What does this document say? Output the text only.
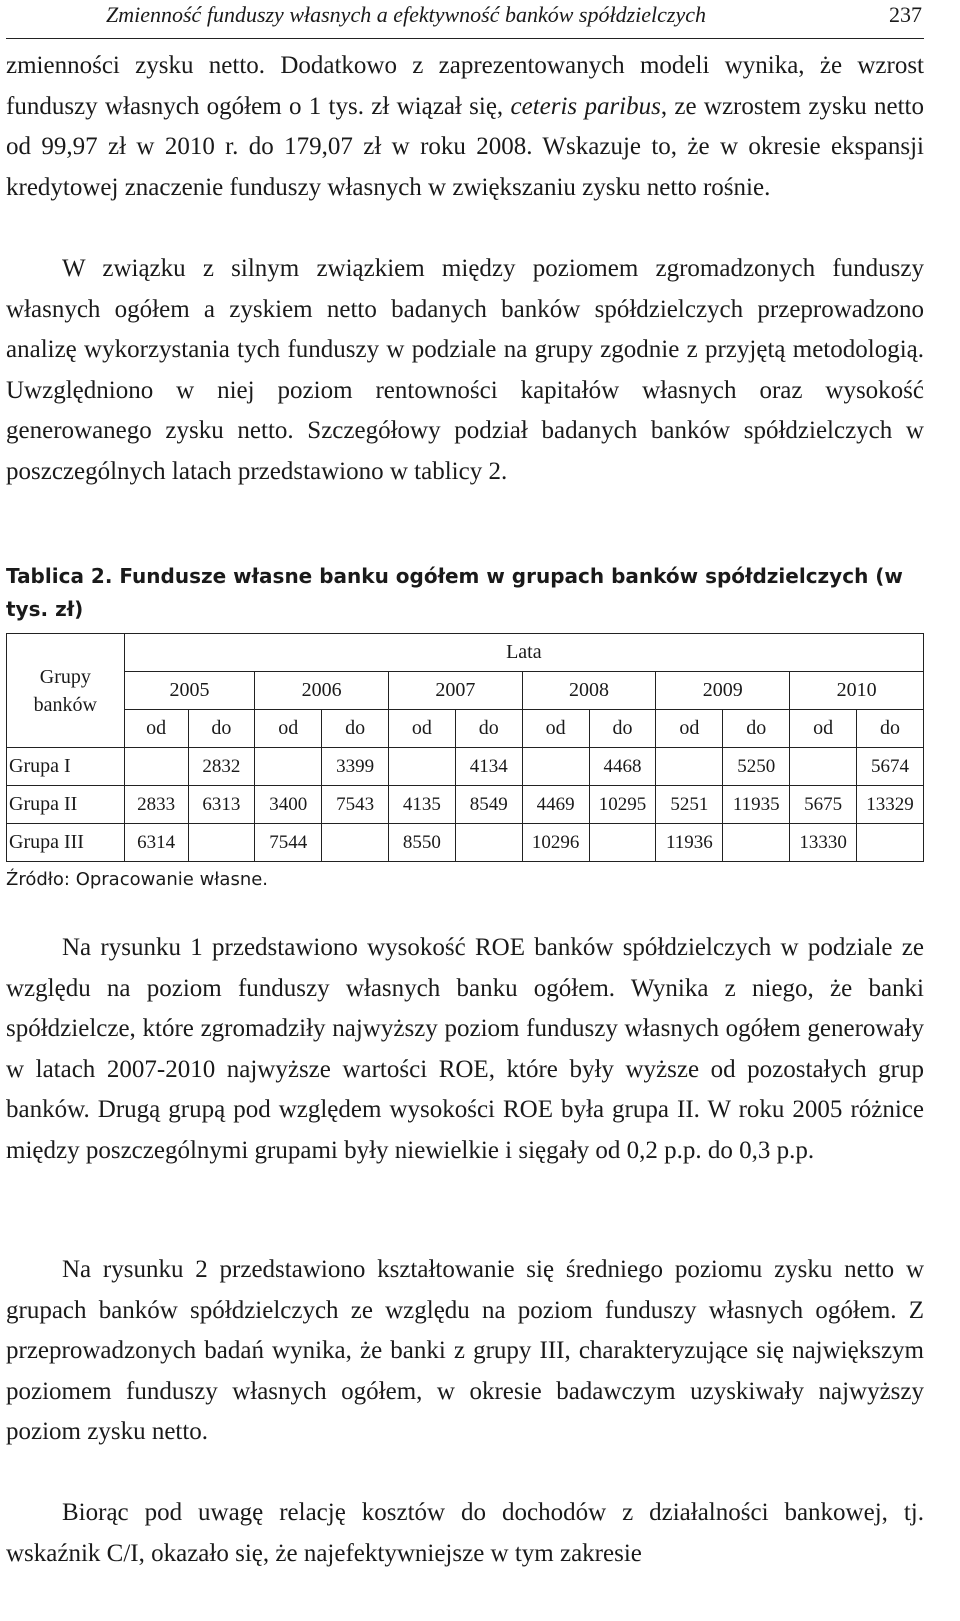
Zmienność funduszy własnych a efektywność banków spółdzielczych	237

zmienności zysku netto. Dodatkowo z zaprezentowanych modeli wynika, że wzrost funduszy własnych ogółem o 1 tys. zł wiązał się, ceteris paribus, ze wzrostem zysku netto od 99,97 zł w 2010 r. do 179,07 zł w roku 2008. Wskazuje to, że w okresie ekspansji kredytowej znaczenie funduszy własnych w zwiększaniu zysku netto rośnie.

W związku z silnym związkiem między poziomem zgromadzonych funduszy własnych ogółem a zyskiem netto badanych banków spółdzielczych przeprowadzono analizę wykorzystania tych funduszy w podziale na grupy zgodnie z przyjętą metodologią. Uwzględniono w niej poziom rentowności kapitałów własnych oraz wysokość generowanego zysku netto. Szczegółowy podział badanych banków spółdzielczych w poszczególnych latach przedstawiono w tablicy 2.

Tablica 2. Fundusze własne banku ogółem w grupach banków spółdzielczych (w tys. zł)

Grupy banków	Lata											
	2005		2006		2007		2008		2009		2010	
	od	do	od	do	od	do	od	do	od	do	od	do
Grupa I		2832		3399		4134		4468		5250		5674
Grupa II	2833	6313	3400	7543	4135	8549	4469	10295	5251	11935	5675	13329
Grupa III	6314		7544		8550		10296		11936		13330	
Źródło: Opracowanie własne.

Na rysunku 1 przedstawiono wysokość ROE banków spółdzielczych w podziale ze względu na poziom funduszy własnych banku ogółem. Wynika z niego, że banki spółdzielcze, które zgromadziły najwyższy poziom funduszy własnych ogółem generowały w latach 2007-2010 najwyższe wartości ROE, które były wyższe od pozostałych grup banków. Drugą grupą pod względem wysokości ROE była grupa II. W roku 2005 różnice między poszczególnymi grupami były niewielkie i sięgały od 0,2 p.p. do 0,3 p.p.

Na rysunku 2 przedstawiono kształtowanie się średniego poziomu zysku netto w grupach banków spółdzielczych ze względu na poziom funduszy własnych ogółem. Z przeprowadzonych badań wynika, że banki z grupy III, charakteryzujące się największym poziomem funduszy własnych ogółem, w okresie badawczym uzyskiwały najwyższy poziom zysku netto.

Biorąc pod uwagę relację kosztów do dochodów z działalności bankowej, tj. wskaźnik C/I, okazało się, że najefektywniejsze w tym zakresie
